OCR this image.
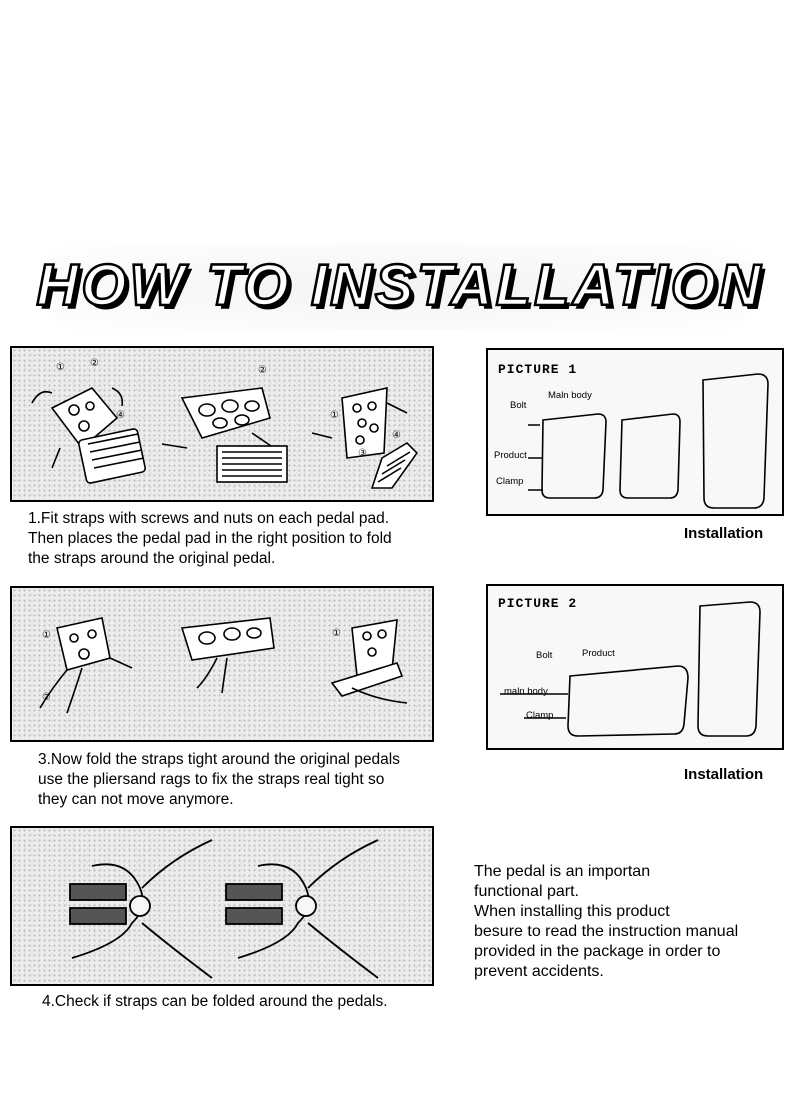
HOW TO INSTALLATION
①	②
④
②
①
③
④
1.Fit straps with screws and nuts on each pedal pad.
Then places the pedal pad in the right position to fold
the straps around the original pedal.
①
②
①
3.Now fold the straps tight around the original pedals
use the pliersand rags to fix the straps real tight so
they can not move anymore.
4.Check if straps can be folded around the pedals.
PICTURE 1
Maln body
Bolt
Product
Clamp
Installation
PICTURE 2
Bolt	Product
maln body
Clamp
Installation
The pedal is an importan
functional part.
When installing this product
besure to read the instruction manual
provided in the package in order to
prevent accidents.
